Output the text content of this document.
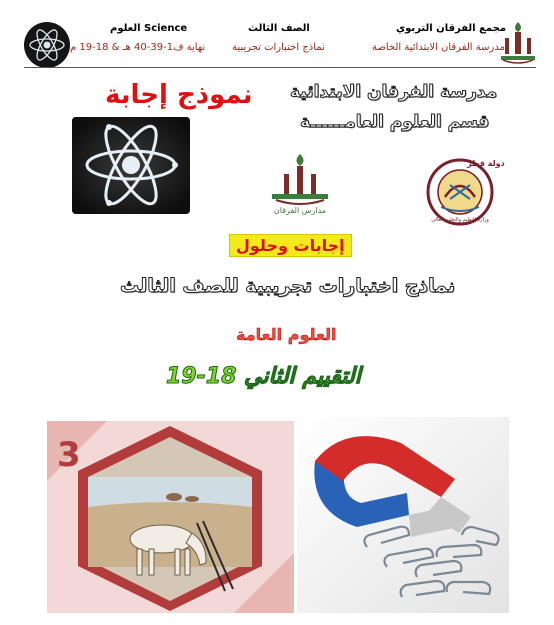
العلوم Science	الصف الثالث	مجمع الفرقان التربوي
نهاية ف1-39-40 هـ & 18-19 م	نماذج اختبارات تجريبية	مدرسة الفرقان الابتدائية الخاصة
نموذج إجابة مدرسة الفرقان الابتدائية
قسم العلوم العامــــــة
مدارس الفرقان
دولة قطر
وزارة التعليم والتعليم العالي
إجابات وحلول
نماذج اختبارات تجريبية للصف الثالث
العلوم العامة
التقييم الثاني 18-19
3
